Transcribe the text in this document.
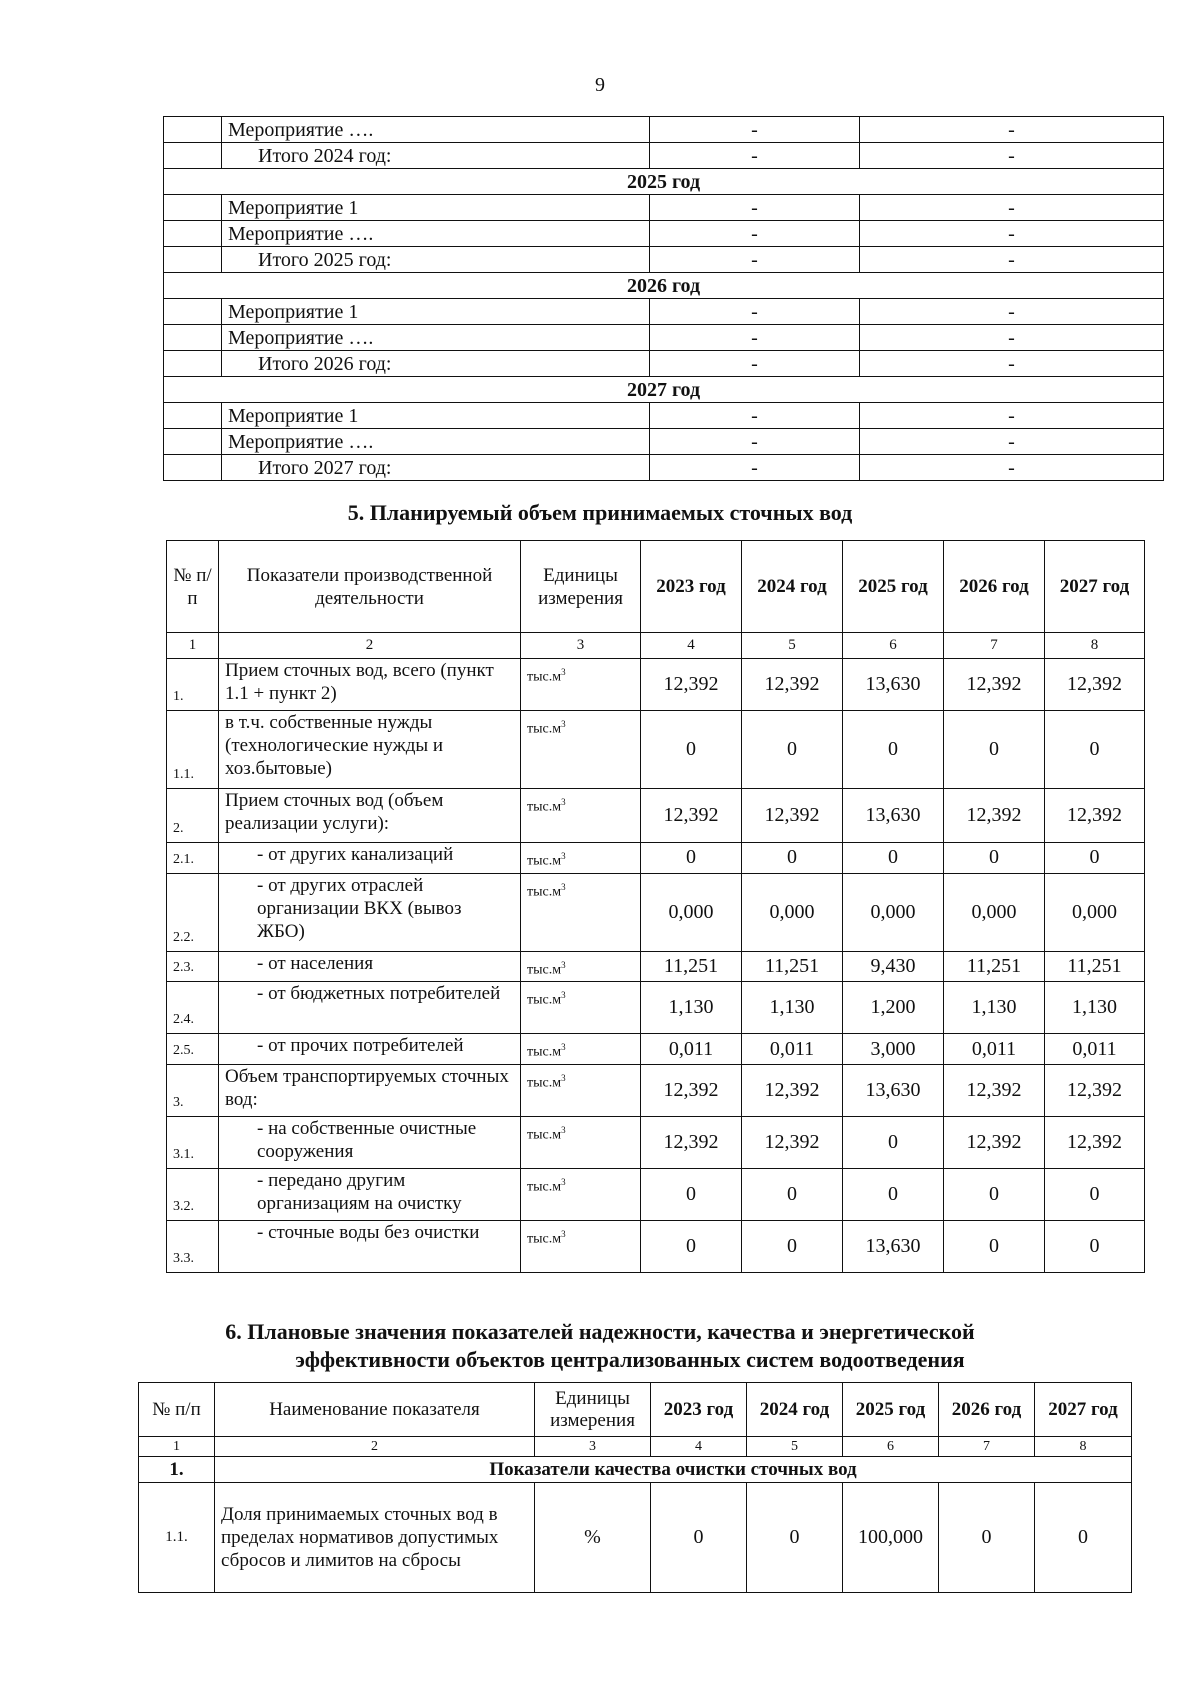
9
	Мероприятие ….	-	-
	Итого 2024 год:	-	-
2025 год			
	Мероприятие 1	-	-
	Мероприятие ….	-	-
	Итого 2025 год:	-	-
2026 год			
	Мероприятие 1	-	-
	Мероприятие ….	-	-
	Итого 2026 год:	-	-
2027 год			
	Мероприятие 1	-	-
	Мероприятие ….	-	-
	Итого 2027 год:	-	-
5. Планируемый объем принимаемых сточных вод
№ п/п	Показатели производственной деятельности	Единицы измерения	2023 год	2024 год	2025 год	2026 год	2027 год
1	2	3	4	5	6	7	8
1.	Прием сточных вод, всего (пункт 1.1 + пункт 2)	$тыс.м^3$	12,392	12,392	13,630	12,392	12,392
1.1.	в т.ч. собственные нужды (технологические нужды и хоз.бытовые)	$тыс.м^3$	0	0	0	0	0
2.	Прием сточных вод (объем реализации услуги):	$тыс.м^3$	12,392	12,392	13,630	12,392	12,392
2.1.	- от других канализаций	$тыс.м^3$	0	0	0	0	0
2.2.	- от других отраслей организации ВКХ (вывоз ЖБО)	$тыс.м^3$	0,000	0,000	0,000	0,000	0,000
2.3.	- от населения	$тыс.м^3$	11,251	11,251	9,430	11,251	11,251
2.4.	- от бюджетных потребителей	$тыс.м^3$	1,130	1,130	1,200	1,130	1,130
2.5.	- от прочих потребителей	$тыс.м^3$	0,011	0,011	3,000	0,011	0,011
3.	Объем транспортируемых сточных вод:	$тыс.м^3$	12,392	12,392	13,630	12,392	12,392
3.1.	- на собственные очистные сооружения	$тыс.м^3$	12,392	12,392	0	12,392	12,392
3.2.	- передано другим организациям на очистку	$тыс.м^3$	0	0	0	0	0
3.3.	- сточные воды без очистки	$тыс.м^3$	0	0	13,630	0	0
6. Плановые значения показателей надежности, качества и энергетической
эффективности объектов централизованных систем водоотведения
№ п/п	Наименование показателя	Единицы измерения	2023 год	2024 год	2025 год	2026 год	2027 год
1	2	3	4	5	6	7	8
1.	Показатели качества очистки сточных вод						
1.1.	Доля принимаемых сточных вод в пределах нормативов допустимых сбросов и лимитов на сбросы	%	0	0	100,000	0	0
